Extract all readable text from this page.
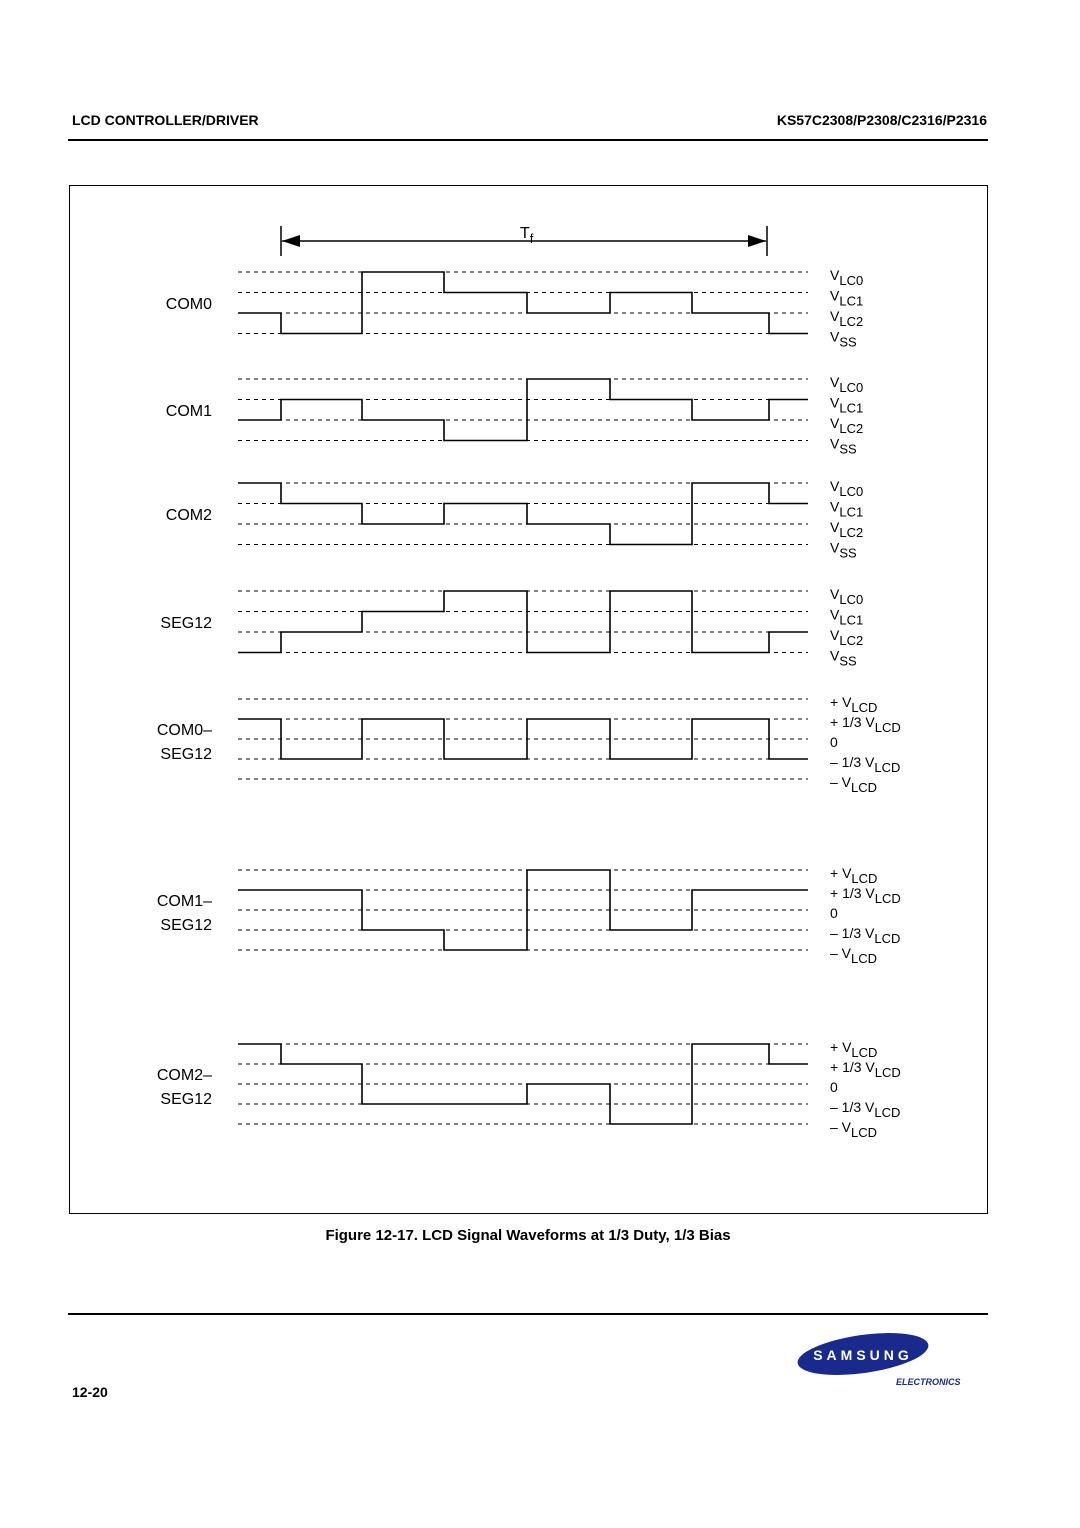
LCD CONTROLLER/DRIVER	KS57C2308/P2308/C2316/P2316
$T_f$
VLC0
VLC1
VLC2
VSS
COM0
VLC0
VLC1
VLC2
VSS
COM1
VLC0
VLC1
VLC2
VSS
COM2
VLC0
VLC1
VLC2
VSS
SEG12
+ VLCD
+ 1/3 VLCD
0
– 1/3 VLCD
– VLCD
COM0–
SEG12
+ VLCD
+ 1/3 VLCD
0
– 1/3 VLCD
– VLCD
COM1–
SEG12
+ VLCD
+ 1/3 VLCD
0
– 1/3 VLCD
– VLCD
COM2–
SEG12
Figure 12-17. LCD Signal Waveforms at 1/3 Duty, 1/3 Bias
12-20
SAMSUNG
ELECTRONICS
